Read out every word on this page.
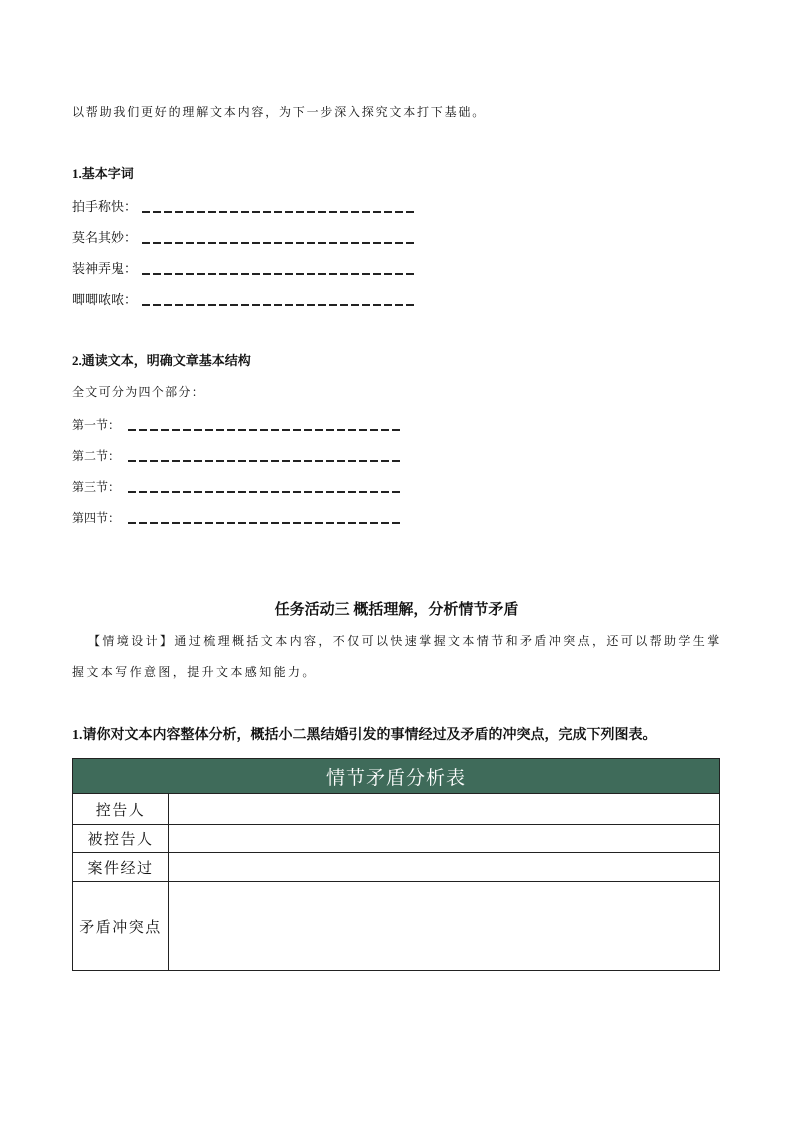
以帮助我们更好的理解文本内容，为下一步深入探究文本打下基础。
1.基本字词
拍手称快：
莫名其妙：
装神弄鬼：
唧唧哝哝：
2.通读文本，明确文章基本结构
全文可分为四个部分：
第一节：
第二节：
第三节：
第四节：
任务活动三 概括理解，分析情节矛盾
【情境设计】通过梳理概括文本内容，不仅可以快速掌握文本情节和矛盾冲突点，还可以帮助学生掌
握文本写作意图，提升文本感知能力。
1.请你对文本内容整体分析，概括小二黑结婚引发的事情经过及矛盾的冲突点，完成下列图表。
情节矛盾分析表
控告人
被控告人
案件经过
矛盾冲突点
